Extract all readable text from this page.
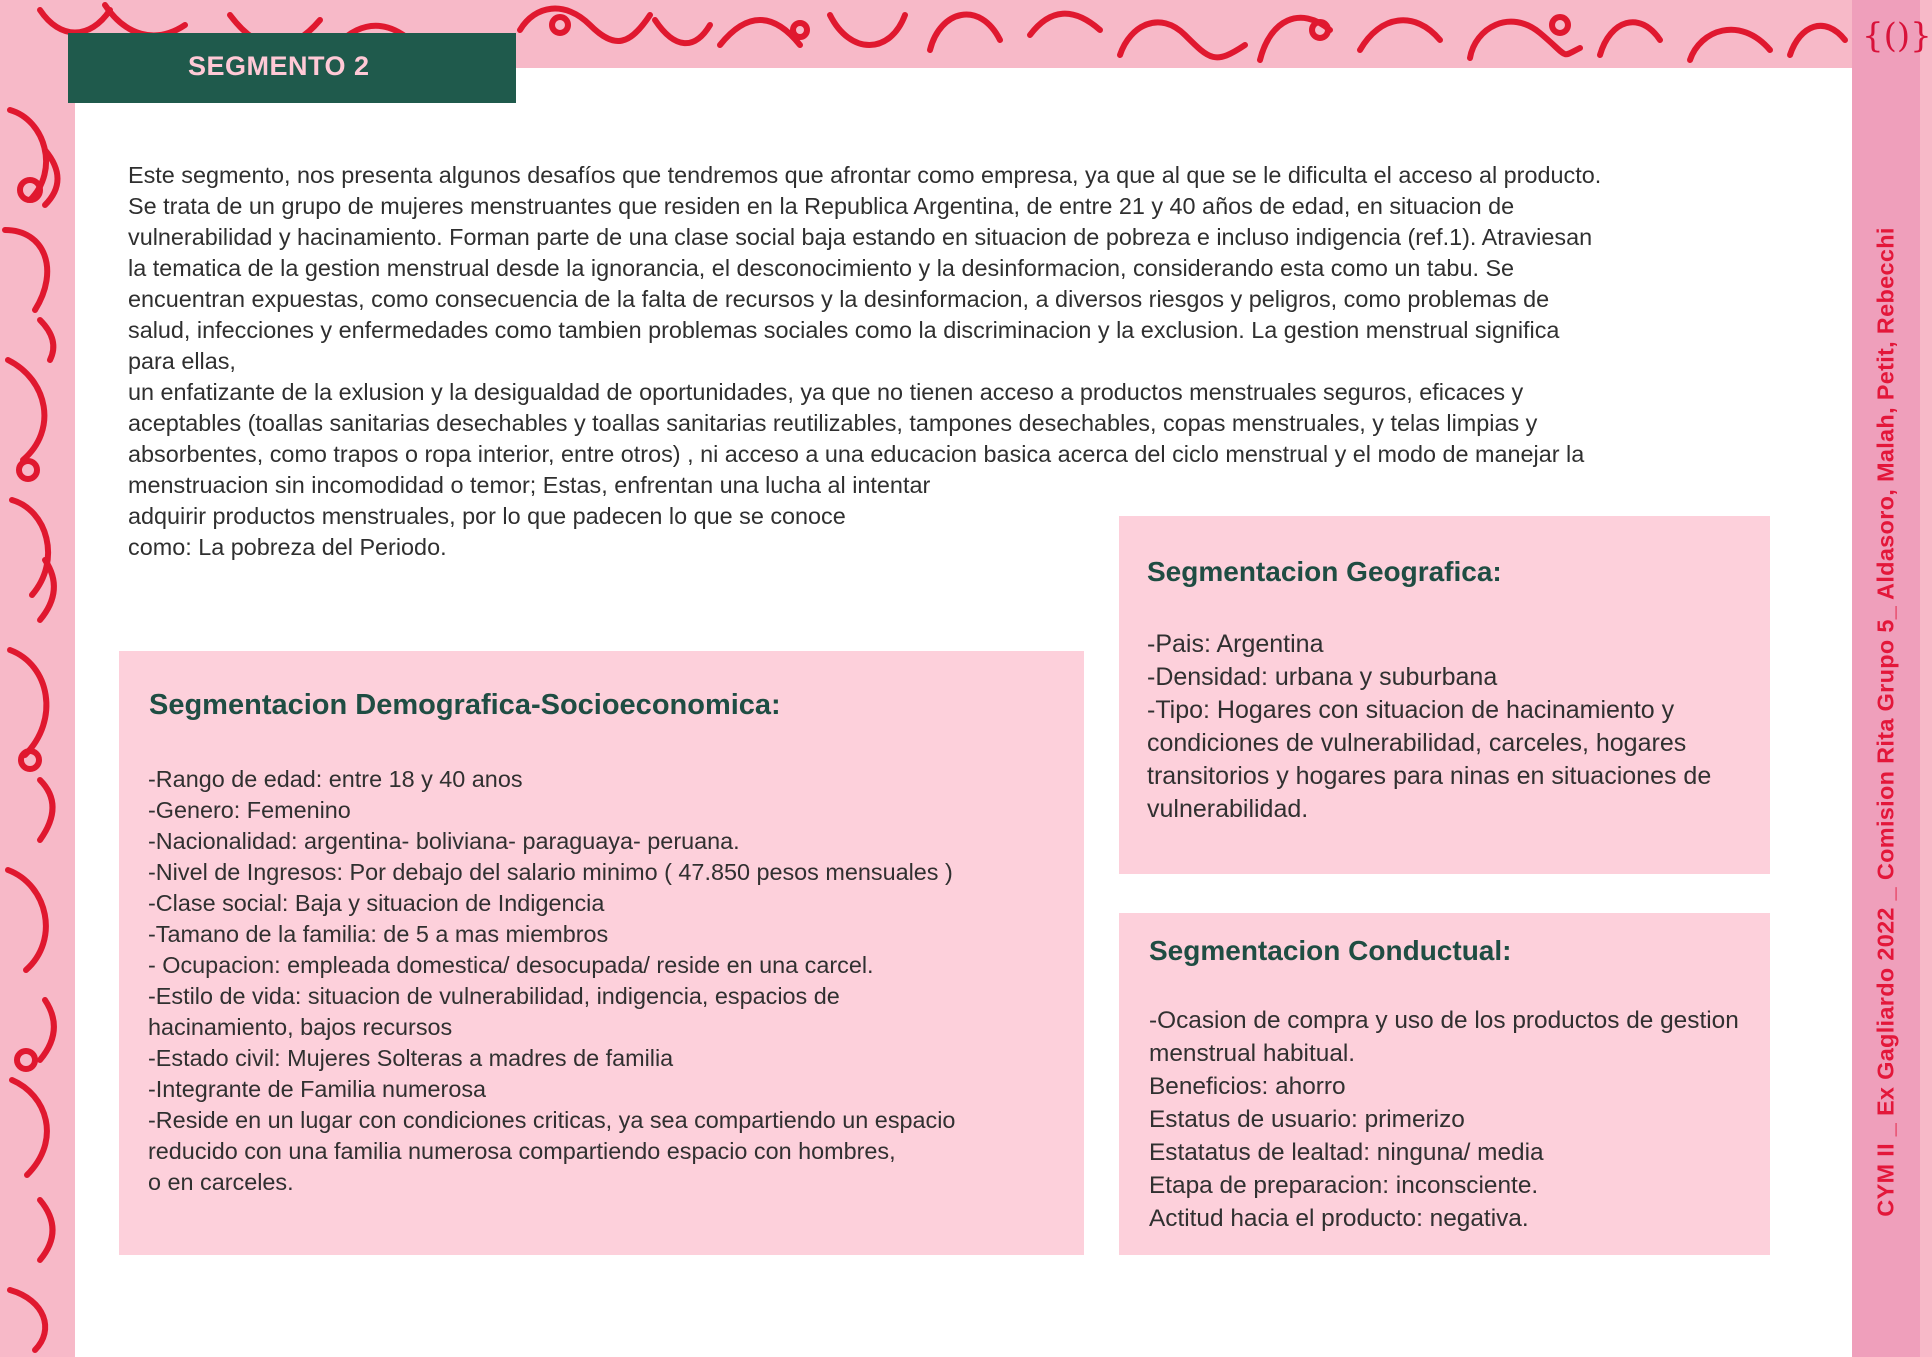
SEGMENTO 2

Este segmento, nos presenta algunos desafíos que tendremos que afrontar como empresa, ya que al que se le dificulta el acceso al producto.
Se trata de un grupo de mujeres menstruantes que residen en la Republica Argentina, de entre 21 y 40 años de edad, en situacion de
vulnerabilidad y hacinamiento. Forman parte de una clase social baja estando en situacion de pobreza e incluso indigencia (ref.1). Atraviesan
la tematica de la gestion menstrual desde la ignorancia, el desconocimiento y la desinformacion, considerando esta como un tabu. Se
encuentran expuestas, como consecuencia de la falta de recursos y la desinformacion, a diversos riesgos y peligros, como problemas de
salud, infecciones y enfermedades como tambien problemas sociales como la discriminacion y la exclusion. La gestion menstrual significa
para ellas,
un enfatizante de la exlusion y la desigualdad de oportunidades, ya que no tienen acceso a productos menstruales seguros, eficaces y
aceptables (toallas sanitarias desechables y toallas sanitarias reutilizables, tampones desechables, copas menstruales, y telas limpias y
absorbentes, como trapos o ropa interior, entre otros) , ni acceso a una educacion basica acerca del ciclo menstrual y el modo de manejar la
menstruacion sin incomodidad o temor; Estas, enfrentan una lucha al intentar
adquirir productos menstruales, por lo que padecen lo que se conoce
como: La pobreza del Periodo.

Segmentacion Demografica-Socioeconomica:

-Rango de edad: entre 18 y 40 anos
-Genero: Femenino
-Nacionalidad: argentina- boliviana- paraguaya- peruana.
-Nivel de Ingresos: Por debajo del salario minimo ( 47.850 pesos mensuales )
-Clase social: Baja y situacion de Indigencia
-Tamano de la familia: de 5 a mas miembros
- Ocupacion: empleada domestica/ desocupada/ reside en una carcel.
-Estilo de vida: situacion de vulnerabilidad, indigencia, espacios de
hacinamiento, bajos recursos
-Estado civil: Mujeres Solteras a madres de familia
-Integrante de Familia numerosa
-Reside en un lugar con condiciones criticas, ya sea compartiendo un espacio
reducido con una familia numerosa compartiendo espacio con hombres,
o en carceles.

Segmentacion Geografica:

-Pais: Argentina
-Densidad: urbana y suburbana
-Tipo: Hogares con situacion de hacinamiento y
condiciones de vulnerabilidad, carceles, hogares
transitorios y hogares para ninas en situaciones de
vulnerabilidad.

Segmentacion Conductual:

-Ocasion de compra y uso de los productos de gestion
menstrual habitual.
Beneficios: ahorro
Estatus de usuario: primerizo
Estatatus de lealtad: ninguna/ media
Etapa de preparacion: inconsciente.
Actitud hacia el producto: negativa.

CYM II _ Ex Gagliardo 2022 _ Comision Rita Grupo 5_ Aldasoro, Malah, Petit, Rebecchi
{()}
